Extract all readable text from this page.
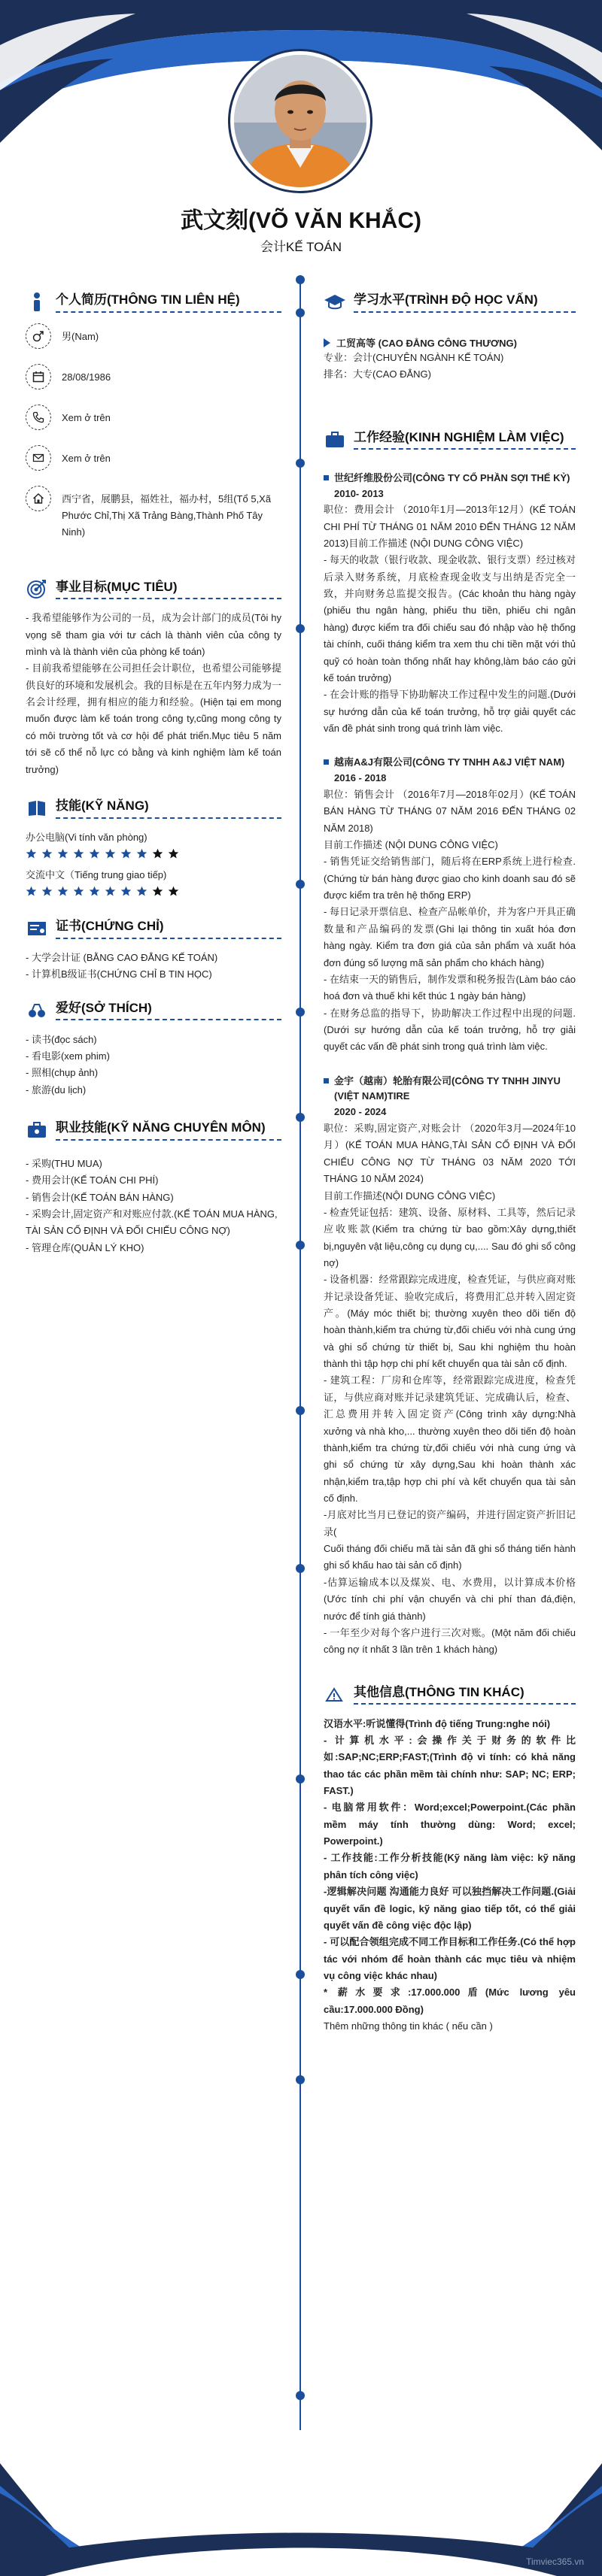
武文刻(VÕ VĂN KHẮC)
会计KẾ TOÁN
个人简历(THÔNG TIN LIÊN HỆ)
男(Nam)
28/08/1986
Xem ở trên
Xem ở trên
西宁省，展鹏县，福姓社，福办村，5组(Tổ 5,Xã Phước Chỉ,Thị Xã Trảng Bàng,Thành Phố Tây Ninh)
事业目标(MỤC TIÊU)

- 我希望能够作为公司的一员，成为会计部门的成员(Tôi hy vọng sẽ tham gia với tư cách là thành viên của công ty mình và là thành viên của phòng kế toán)

- 目前我希望能够在公司担任会计职位，也希望公司能够提供良好的环境和发展机会。我的目标是在五年内努力成为一名会计经理，拥有相应的能力和经验。(Hiện tại em mong muốn được làm kế toán trong công ty,cũng mong công ty có môi trường tốt và cơ hội để phát triển.Mục tiêu 5 năm tới sẽ cố thể nỗ lực có bằng và kinh nghiệm làm kế toán trưởng)

技能(KỸ NĂNG)
办公电脑(Vi tính văn phòng)
交流中文（Tiếng trung giao tiếp)
证书(CHỨNG CHỈ)
- 大学会计证 (BẰNG CAO ĐẲNG KẾ TOÁN)
- 计算机B级证书(CHỨNG CHỈ B TIN HỌC)
爱好(SỞ THÍCH)
- 读书(đọc sách)
- 看电影(xem phim)
- 照相(chụp ảnh)
- 旅游(du lịch)
职业技能(KỸ NĂNG CHUYÊN MÔN)
- 采购(THU MUA)
- 费用会计(KẾ TOÁN CHI PHÍ)
- 销售会计(KẾ TOÁN BÁN HÀNG)
- 采购会计,固定资产和对账应付款.(KẾ TOÁN MUA HÀNG, TÀI SẢN CỐ ĐỊNH VÀ ĐỐI CHIẾU CÔNG NỢ)
- 管理仓库(QUẢN LÝ KHO)
学习水平(TRÌNH ĐỘ HỌC VẤN)
工贸高等 (CAO ĐẲNG CÔNG THƯƠNG)
专业：会计(CHUYÊN NGÀNH KẾ TOÁN)
排名：大专(CAO ĐẲNG)
工作经验(KINH NGHIỆM LÀM VIỆC)
世纪纤维股份公司(CÔNG TY CỔ PHẦN SỢI THẾ KỶ)
2010- 2013

职位：费用会计 （2010年1月—2013年12月）(KẾ TOÁN CHI PHÍ TỪ THÁNG 01 NĂM 2010 ĐẾN THÁNG 12 NĂM 2013)目前工作描述 (NỘI DUNG CÔNG VIỆC)

- 每天的收款（银行收款、现金收款、银行支票）经过核对后录入财务系统，月底检查现金收支与出纳是否完全一致，并向财务总监提交报告。(Các khoản thu hàng ngày (phiếu thu ngân hàng, phiếu thu tiền, phiếu chi ngân hàng) được kiểm tra đối chiếu sau đó nhập vào hệ thống tài chính, cuối tháng kiểm tra xem thu chi tiền mặt với thủ quỹ có hoàn toàn thống nhất hay không,làm báo cáo gửi kế toán trưởng)

- 在会计账的指导下协助解决工作过程中发生的问题.(Dưới sự hướng dẫn của kế toán trưởng, hỗ trợ giải quyết các vấn đề phát sinh trong quá trình làm việc.

越南A&J有限公司(CÔNG TY TNHH A&J VIỆT NAM)
2016 - 2018

职位：销售会计 （2016年7月—2018年02月）(KẾ TOÁN BÁN HÀNG TỪ THÁNG 07 NĂM 2016 ĐẾN THÁNG 02 NĂM 2018)

目前工作描述 (NỘI DUNG CÔNG VIỆC)

- 销售凭证交给销售部门，随后将在ERP系统上进行检查.(Chứng từ bán hàng được giao cho kinh doanh sau đó sẽ được kiểm tra trên hệ thống ERP)

- 每日记录开票信息、检查产品帐单价，并为客户开具正确数量和产品编码的发票(Ghi lại thông tin xuất hóa đơn hàng ngày. Kiểm tra đơn giá của sản phẩm và xuất hóa đơn đúng số lượng mã sản phẩm cho khách hàng)

- 在结束一天的销售后，制作发票和税务报告(Làm báo cáo hoá đơn và thuế khi kết thúc 1 ngày bán hàng)

- 在财务总监的指导下，协助解决工作过程中出现的问题.(Dưới sự hướng dẫn của kế toán trưởng, hỗ trợ giải quyết các vấn đề phát sinh trong quá trình làm việc.

金宇（越南）轮胎有限公司(CÔNG TY TNHH JINYU (VIỆT NAM)TIRE
2020 - 2024

职位：采购,固定资产,对账会计 （2020年3月—2024年10月）(KẾ TOÁN MUA HÀNG,TÀI SẢN CỐ ĐỊNH VÀ ĐỐI CHIẾU CÔNG NỢ TỪ THÁNG 03 NĂM 2020 TỚI THÁNG 10 NĂM 2024)

目前工作描述(NỘI DUNG CÔNG VIỆC)

- 检查凭证包括：建筑、设备、原材料、工具等，然后记录应收账款(Kiểm tra chứng từ bao gồm:Xây dựng,thiết bị,nguyên vật liệu,công cụ dụng cụ,.... Sau đó ghi sổ công nợ)

- 设备机器：经常跟踪完成进度，检查凭证，与供应商对账并记录设备凭证、验收完成后，将费用汇总并转入固定资产。(Máy móc thiết bị; thường xuyên theo dõi tiến độ hoàn thành,kiểm tra chứng từ,đối chiếu với nhà cung ứng và ghi sổ chứng từ thiết bị, Sau khi nghiệm thu hoàn thành thì tập hợp chi phí kết chuyển qua tài sản cố định.

- 建筑工程：厂房和仓库等，经常跟踪完成进度，检查凭证，与供应商对账并记录建筑凭证、完成确认后，检查、汇总费用并转入固定资产(Công trình xây dựng:Nhà xưởng và nhà kho,... thường xuyên theo dõi tiến độ hoàn thành,kiểm tra chứng từ,đối chiếu với nhà cung ứng và ghi sổ chứng từ xây dựng,Sau khi hoàn thành xác nhận,kiểm tra,tập hợp chi phí và kết chuyển qua tài sản cố định.

-月底对比当月已登记的资产编码，并进行固定资产折旧记录(

Cuối tháng đối chiếu mã tài sản đã ghi sổ tháng tiến hành ghi sổ khấu hao tài sản cố định)

-估算运输成本以及煤炭、电、水费用，以计算成本价格(Ước tính chi phí vận chuyển và chi phí than đá,điện, nước để tính giá thành)

- 一年至少对每个客户进行三次对账。(Một năm đối chiếu công nợ ít nhất 3 lần trên 1 khách hàng)

其他信息(THÔNG TIN KHÁC)

汉语水平:听说懂得(Trình độ tiếng Trung:nghe nói)

- 计算机水平:会操作关于财务的软件比如:SAP;NC;ERP;FAST;(Trình độ vi tính: có khả năng thao tác các phần mềm tài chính như: SAP; NC; ERP; FAST.)

- 电脑常用软件：Word;excel;Powerpoint.(Các phần mềm máy tính thường dùng: Word; excel; Powerpoint.)

- 工作技能:工作分析技能(Kỹ năng làm việc: kỹ năng phân tích công việc)

-逻辑解决问题 沟通能力良好 可以独挡解决工作问题.(Giải quyết vấn đề logic, kỹ năng giao tiếp tốt, có thể giải quyết vấn đề công việc độc lập)

- 可以配合领组完成不同工作目标和工作任务.(Có thể hợp tác với nhóm để hoàn thành các mục tiêu và nhiệm vụ công việc khác nhau)

* 薪水要求:17.000.000盾(Mức lương yêu cầu:17.000.000 Đồng)

Thêm những thông tin khác ( nếu cần )

Timviec365.vn
